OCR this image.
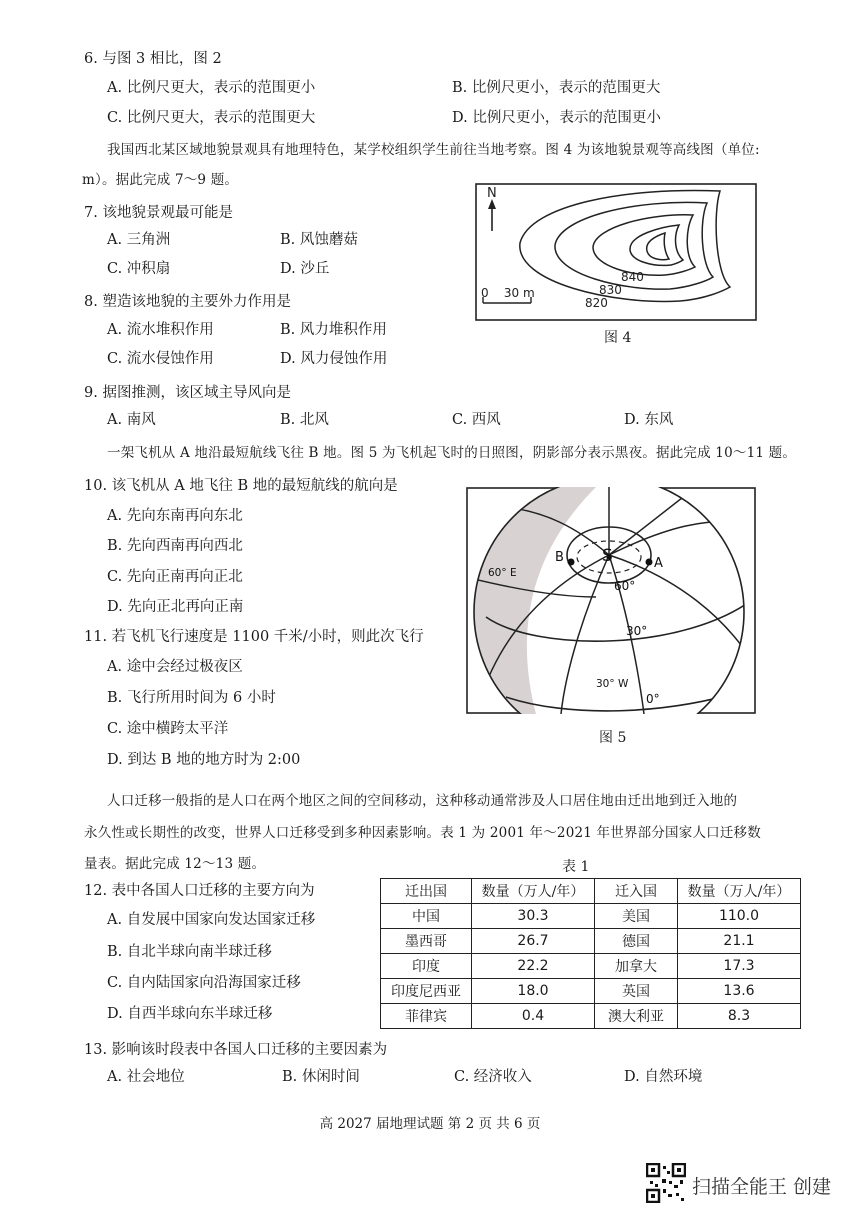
6. 与图 3 相比，图 2
A. 比例尺更大，表示的范围更小	B. 比例尺更小，表示的范围更大
C. 比例尺更大，表示的范围更大	D. 比例尺更小，表示的范围更小
我国西北某区域地貌景观具有地理特色，某学校组织学生前往当地考察。图 4 为该地貌景观等高线图（单位:
m）。据此完成 7～9 题。
7. 该地貌景观最可能是
A. 三角洲	B. 风蚀蘑菇
C. 冲积扇	D. 沙丘
8. 塑造该地貌的主要外力作用是
A. 流水堆积作用	B. 风力堆积作用
C. 流水侵蚀作用	D. 风力侵蚀作用
9. 据图推测，该区域主导风向是
A. 南风	B. 北风	C. 西风	D. 东风
N
0    30 m
840
830
820
图 4
一架飞机从 A 地沿最短航线飞往 B 地。图 5 为飞机起飞时的日照图，阴影部分表示黑夜。据此完成 10～11 题。
10. 该飞机从 A 地飞往 B 地的最短航线的航向是
A. 先向东南再向东北
B. 先向西南再向西北
C. 先向正南再向正北
D. 先向正北再向正南
11. 若飞机飞行速度是 1100 千米/小时，则此次飞行
A. 途中会经过极夜区
B. 飞行所用时间为 6 小时
C. 途中横跨太平洋
D. 到达 B 地的地方时为 2:00
S	A
B
60° E
60°
30°
30° W
0°
图 5
人口迁移一般指的是人口在两个地区之间的空间移动，这种移动通常涉及人口居住地由迁出地到迁入地的
永久性或长期性的改变，世界人口迁移受到多种因素影响。表 1 为 2001 年～2021 年世界部分国家人口迁移数
量表。据此完成 12～13 题。	表 1
迁出国	数量（万人/年）	迁入国	数量（万人/年）
中国	30.3	美国	110.0
墨西哥	26.7	德国	21.1
印度	22.2	加拿大	17.3
印度尼西亚	18.0	英国	13.6
菲律宾	0.4	澳大利亚	8.3
12. 表中各国人口迁移的主要方向为
A. 自发展中国家向发达国家迁移
B. 自北半球向南半球迁移
C. 自内陆国家向沿海国家迁移
D. 自西半球向东半球迁移
13. 影响该时段表中各国人口迁移的主要因素为
A. 社会地位	B. 休闲时间	C. 经济收入	D. 自然环境
高 2027 届地理试题 第 2 页 共 6 页
扫描全能王 创建
